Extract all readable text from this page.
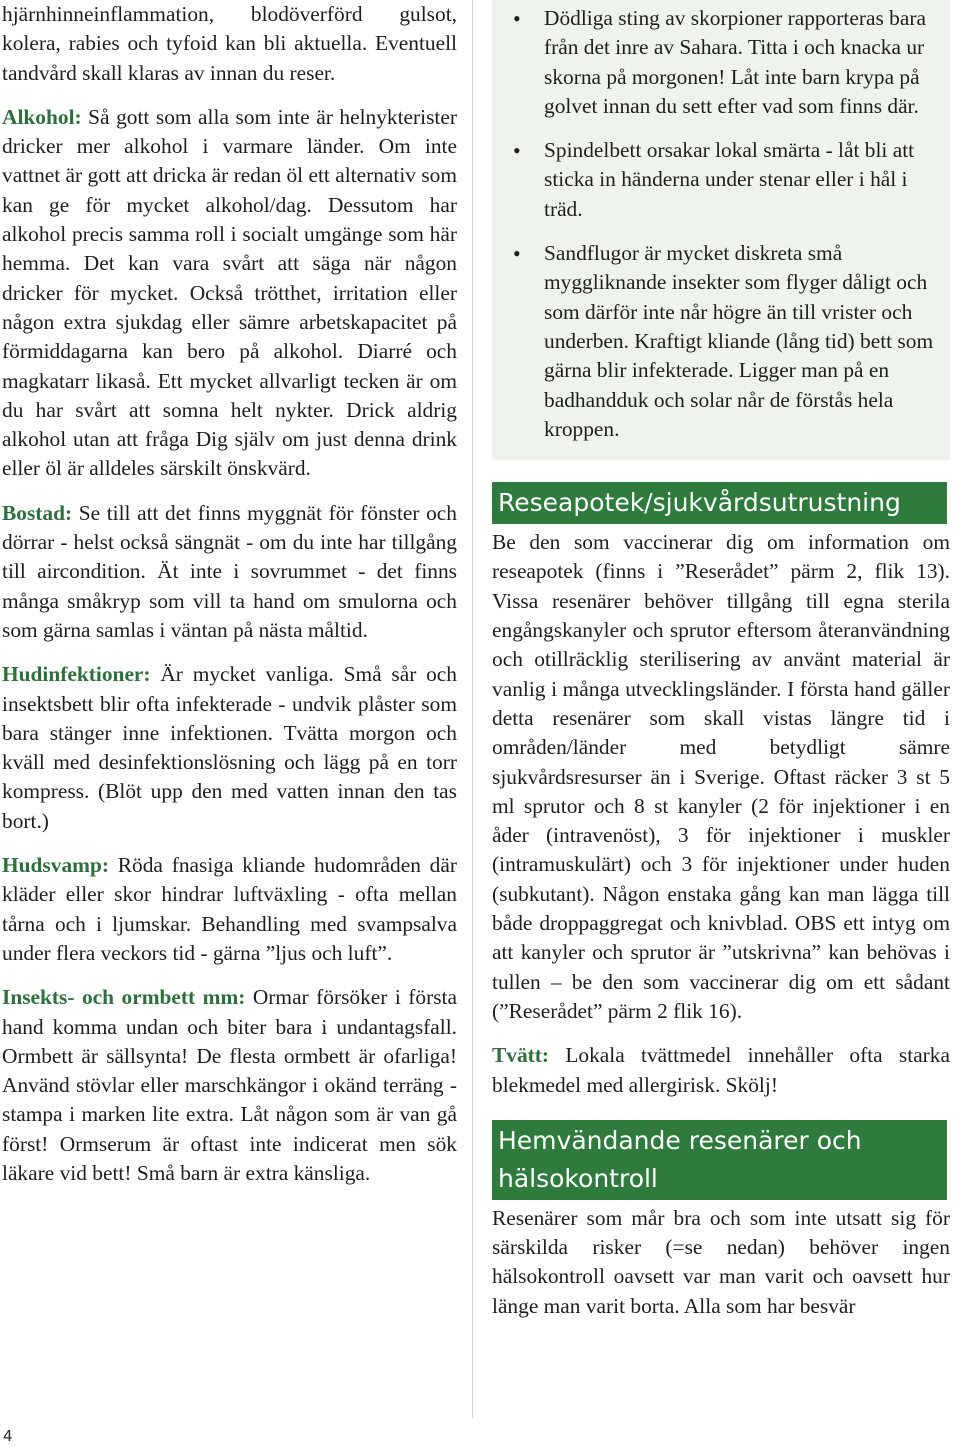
hjärnhinneinflammation, blodöverförd gulsot, kolera, rabies och tyfoid kan bli aktuella. Eventuell tandvård skall klaras av innan du reser.

Alkohol: Så gott som alla som inte är helnykterister dricker mer alkohol i varmare länder. Om inte vattnet är gott att dricka är redan öl ett alternativ som kan ge för mycket alkohol/dag. Dessutom har alkohol precis samma roll i socialt umgänge som här hemma. Det kan vara svårt att säga när någon dricker för mycket. Också trötthet, irritation eller någon extra sjukdag eller sämre arbetskapacitet på förmiddagarna kan bero på alkohol. Diarré och magkatarr likaså. Ett mycket allvarligt tecken är om du har svårt att somna helt nykter. Drick aldrig alkohol utan att fråga Dig själv om just denna drink eller öl är alldeles särskilt önskvärd.

Bostad: Se till att det finns myggnät för fönster och dörrar - helst också sängnät - om du inte har tillgång till aircondition. Ät inte i sovrummet - det finns många småkryp som vill ta hand om smulorna och som gärna samlas i väntan på nästa måltid.

Hudinfektioner: Är mycket vanliga. Små sår och insektsbett blir ofta infekterade - undvik plåster som bara stänger inne infektionen. Tvätta morgon och kväll med desinfektionslösning och lägg på en torr kompress. (Blöt upp den med vatten innan den tas bort.)

Hudsvamp: Röda fnasiga kliande hudområden där kläder eller skor hindrar luftväxling - ofta mellan tårna och i ljumskar. Behandling med svampsalva under flera veckors tid - gärna ”ljus och luft”.

Insekts- och ormbett mm: Ormar försöker i första hand komma undan och biter bara i undantagsfall. Ormbett är sällsynta! De flesta ormbett är ofarliga! Använd stövlar eller marschkängor i okänd terräng - stampa i marken lite extra. Låt någon som är van gå först! Ormserum är oftast inte indicerat men sök läkare vid bett! Små barn är extra känsliga.

• Dödliga sting av skorpioner rapporteras bara från det inre av Sahara. Titta i och knacka ur skorna på morgonen! Låt inte barn krypa på golvet innan du sett efter vad som finns där.
• Spindelbett orsakar lokal smärta - låt bli att sticka in händerna under stenar eller i hål i träd.
• Sandflugor är mycket diskreta små myggliknande insekter som flyger dåligt och som därför inte når högre än till vrister och underben. Kraftigt kliande (lång tid) bett som gärna blir infekterade. Ligger man på en badhandduk och solar når de förstås hela kroppen.
Reseapotek/sjukvårdsutrustning

Be den som vaccinerar dig om information om reseapotek (finns i ”Reserådet” pärm 2, flik 13). Vissa resenärer behöver tillgång till egna sterila engångskanyler och sprutor eftersom återanvändning och otillräcklig sterilisering av använt material är vanlig i många utvecklingsländer. I första hand gäller detta resenärer som skall vistas längre tid i områden/länder med betydligt sämre sjukvårdsresurser än i Sverige. Oftast räcker 3 st 5 ml sprutor och 8 st kanyler (2 för injektioner i en åder (intravenöst), 3 för injektioner i muskler (intramuskulärt) och 3 för injektioner under huden (subkutant). Någon enstaka gång kan man lägga till både droppaggregat och knivblad. OBS ett intyg om att kanyler och sprutor är ”utskrivna” kan behövas i tullen – be den som vaccinerar dig om ett sådant (”Reserådet” pärm 2 flik 16).

Tvätt: Lokala tvättmedel innehåller ofta starka blekmedel med allergirisk. Skölj!

Hemvändande resenärer och hälsokontroll

Resenärer som mår bra och som inte utsatt sig för särskilda risker (=se nedan) behöver ingen hälsokontroll oavsett var man varit och oavsett hur länge man varit borta. Alla som har besvär

4
